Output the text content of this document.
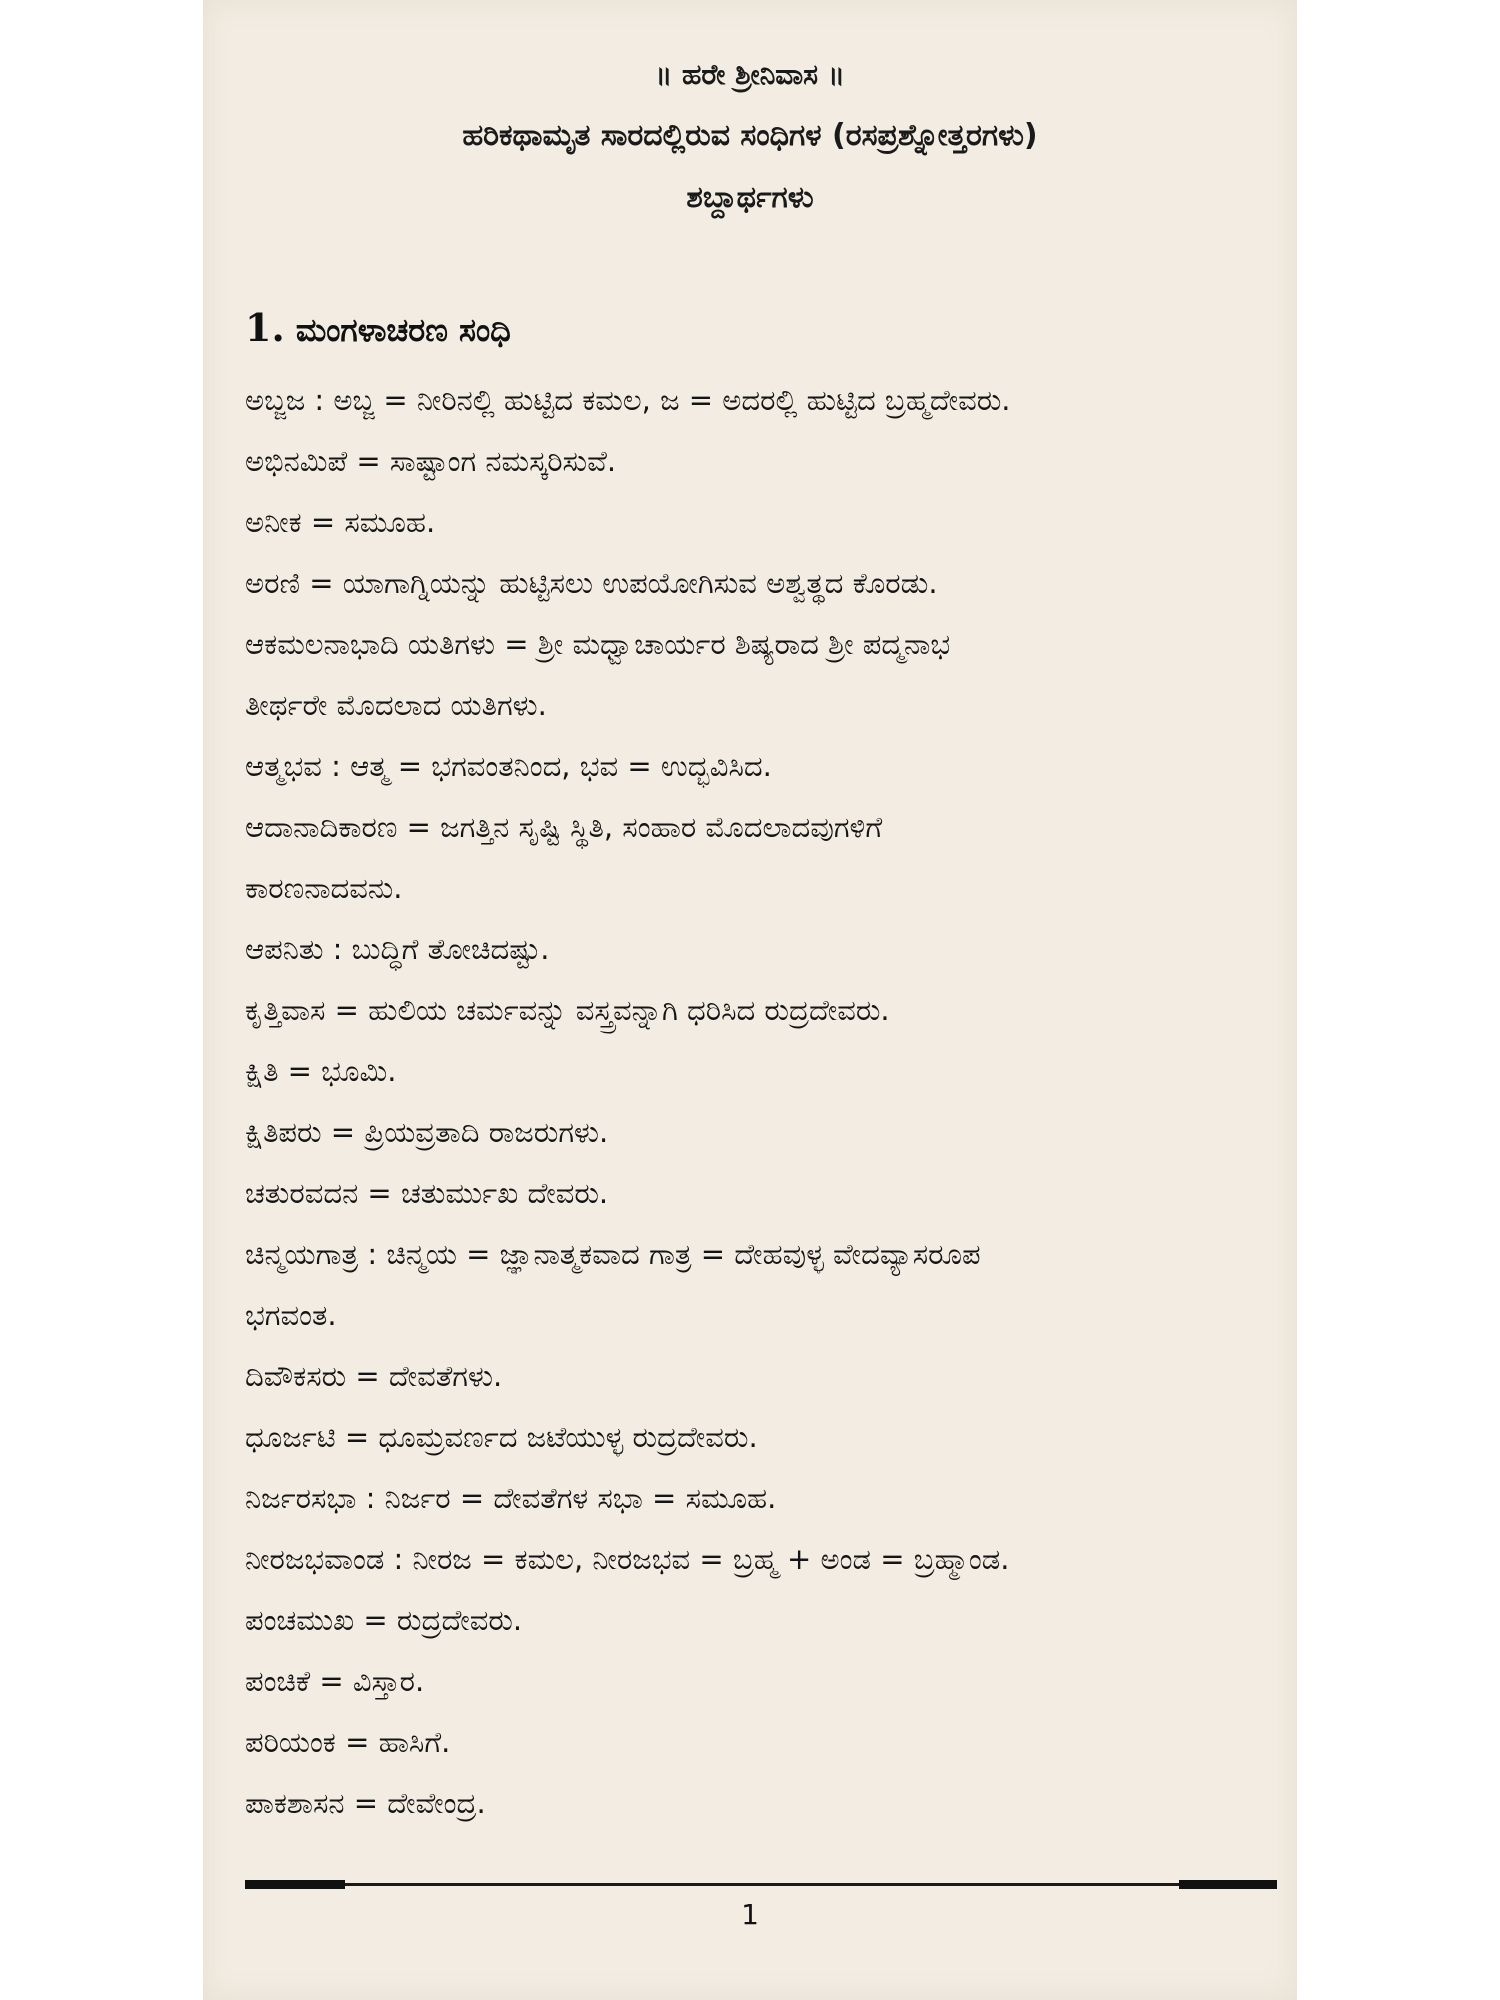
॥ ಹರೇ ಶ್ರೀನಿವಾಸ ॥
ಹರಿಕಥಾಮೃತ ಸಾರದಲ್ಲಿರುವ ಸಂಧಿಗಳ (ರಸಪ್ರಶ್ನೋತ್ತರಗಳು)
ಶಬ್ದಾರ್ಥಗಳು
1. ಮಂಗಳಾಚರಣ ಸಂಧಿ
ಅಬ್ಜಜ : ಅಬ್ಜ = ನೀರಿನಲ್ಲಿ ಹುಟ್ಟಿದ ಕಮಲ, ಜ = ಅದರಲ್ಲಿ ಹುಟ್ಟಿದ ಬ್ರಹ್ಮದೇವರು.
ಅಭಿನಮಿಪೆ = ಸಾಷ್ಟಾಂಗ ನಮಸ್ಕರಿಸುವೆ.
ಅನೀಕ = ಸಮೂಹ.
ಅರಣಿ = ಯಾಗಾಗ್ನಿಯನ್ನು ಹುಟ್ಟಿಸಲು ಉಪಯೋಗಿಸುವ ಅಶ್ವತ್ಥದ ಕೊರಡು.
ಆಕಮಲನಾಭಾದಿ ಯತಿಗಳು = ಶ್ರೀ ಮಧ್ವಾಚಾರ್ಯರ ಶಿಷ್ಯರಾದ ಶ್ರೀ ಪದ್ಮನಾಭ
ತೀರ್ಥರೇ ಮೊದಲಾದ ಯತಿಗಳು.
ಆತ್ಮಭವ : ಆತ್ಮ = ಭಗವಂತನಿಂದ, ಭವ = ಉದ್ಭವಿಸಿದ.
ಆದಾನಾದಿಕಾರಣ = ಜಗತ್ತಿನ ಸೃಷ್ಟಿ ಸ್ಥಿತಿ, ಸಂಹಾರ ಮೊದಲಾದವುಗಳಿಗೆ
ಕಾರಣನಾದವನು.
ಆಪನಿತು : ಬುದ್ಧಿಗೆ ತೋಚಿದಷ್ಟು.
ಕೃತ್ತಿವಾಸ = ಹುಲಿಯ ಚರ್ಮವನ್ನು ವಸ್ತ್ರವನ್ನಾಗಿ ಧರಿಸಿದ ರುದ್ರದೇವರು.
ಕ್ಷಿತಿ = ಭೂಮಿ.
ಕ್ಷಿತಿಪರು = ಪ್ರಿಯವ್ರತಾದಿ ರಾಜರುಗಳು.
ಚತುರವದನ = ಚತುರ್ಮುಖ ದೇವರು.
ಚಿನ್ಮಯಗಾತ್ರ : ಚಿನ್ಮಯ = ಜ್ಞಾನಾತ್ಮಕವಾದ ಗಾತ್ರ = ದೇಹವುಳ್ಳ ವೇದವ್ಯಾಸರೂಪ
ಭಗವಂತ.
ದಿವೌಕಸರು = ದೇವತೆಗಳು.
ಧೂರ್ಜಟಿ = ಧೂಮ್ರವರ್ಣದ ಜಟೆಯುಳ್ಳ ರುದ್ರದೇವರು.
ನಿರ್ಜರಸಭಾ : ನಿರ್ಜರ = ದೇವತೆಗಳ ಸಭಾ = ಸಮೂಹ.
ನೀರಜಭವಾಂಡ : ನೀರಜ = ಕಮಲ, ನೀರಜಭವ = ಬ್ರಹ್ಮ + ಅಂಡ = ಬ್ರಹ್ಮಾಂಡ.
ಪಂಚಮುಖ = ರುದ್ರದೇವರು.
ಪಂಚಿಕೆ = ವಿಸ್ತಾರ.
ಪರಿಯಂಕ = ಹಾಸಿಗೆ.
ಪಾಕಶಾಸನ = ದೇವೇಂದ್ರ.
1
